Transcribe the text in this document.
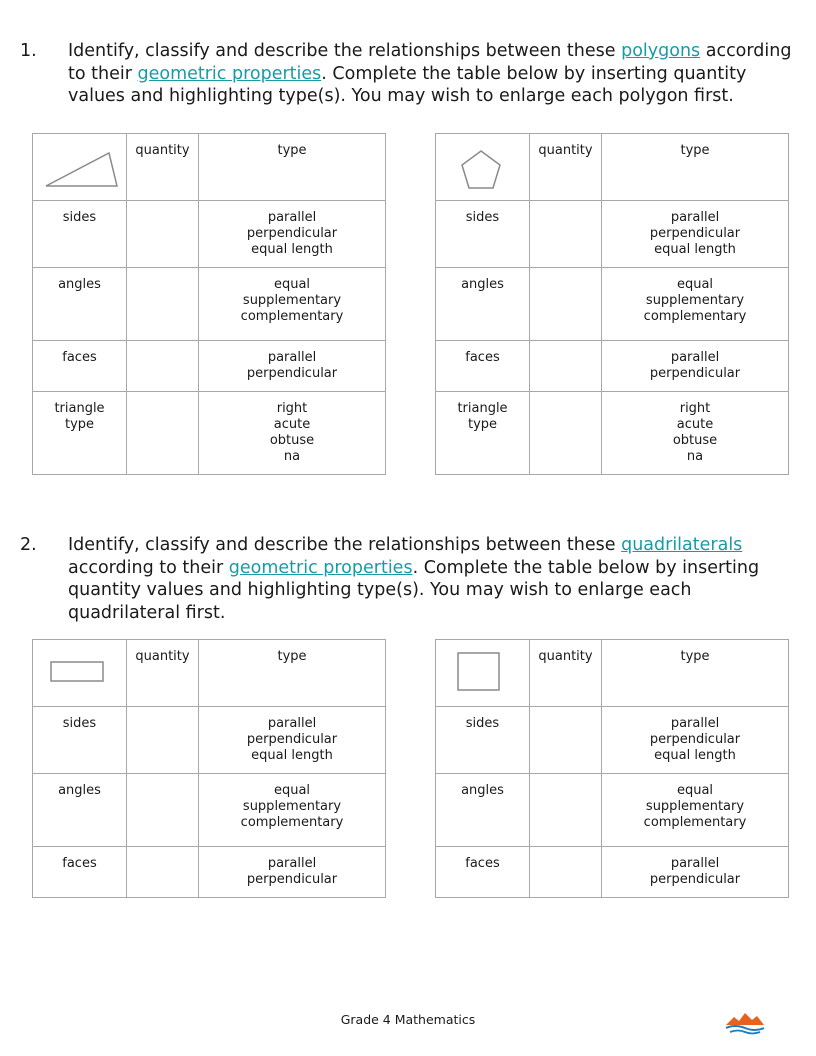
1. Identify, classify and describe the relationships between these polygons according to their geometric properties. Complete the table below by inserting quantity values and highlighting type(s). You may wish to enlarge each polygon first.
	quantity	type

sides		parallel
perpendicular
equal length

angles		equal
supplementary
complementary

faces		parallel
perpendicular

triangle
type		right
acute
obtuse
na
	quantity	type

sides		parallel
perpendicular
equal length

angles		equal
supplementary
complementary

faces		parallel
perpendicular

triangle
type		right
acute
obtuse
na
2. Identify, classify and describe the relationships between these quadrilaterals according to their geometric properties. Complete the table below by inserting quantity values and highlighting type(s). You may wish to enlarge each quadrilateral first.
	quantity	type

sides		parallel
perpendicular
equal length

angles		equal
supplementary
complementary

faces		parallel
perpendicular
	quantity	type

sides		parallel
perpendicular
equal length

angles		equal
supplementary
complementary

faces		parallel
perpendicular
Grade 4 Mathematics
